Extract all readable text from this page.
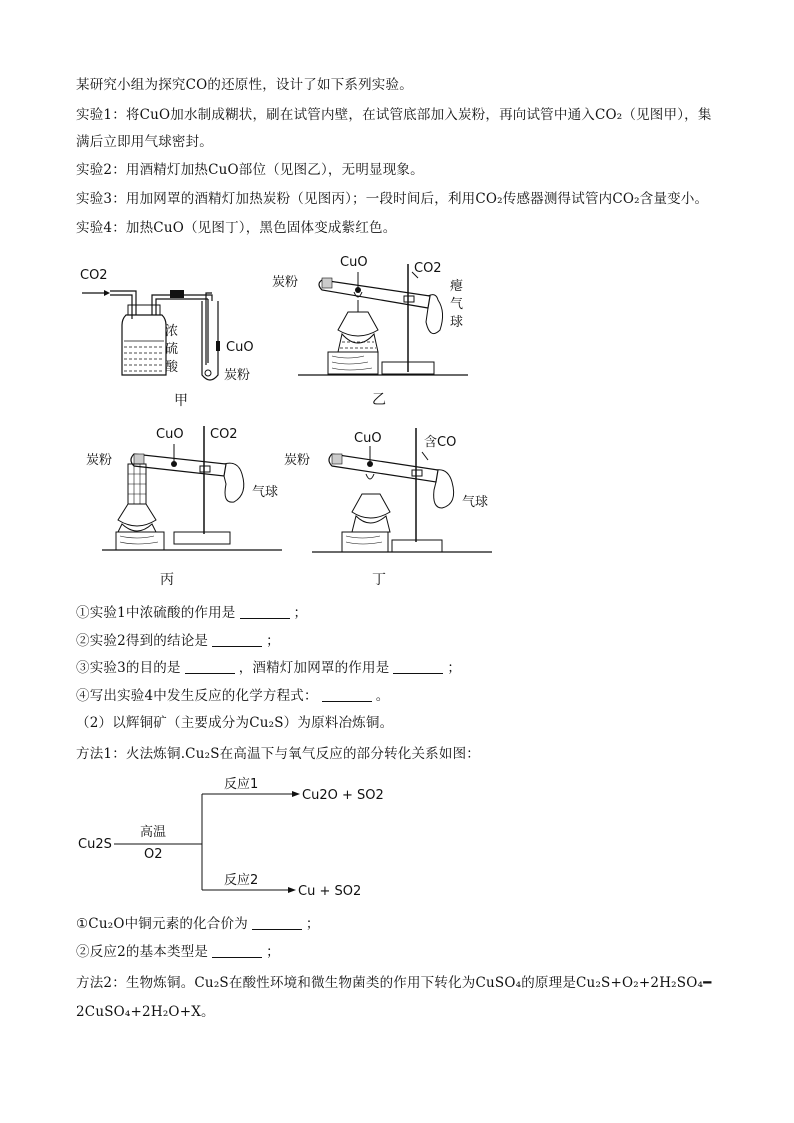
某研究小组为探究CO的还原性，设计了如下系列实验。
实验1：将CuO加水制成糊状，刷在试管内壁，在试管底部加入炭粉，再向试管中通入CO₂（见图甲），集
满后立即用气球密封。
实验2：用酒精灯加热CuO部位（见图乙），无明显现象。
实验3：用加网罩的酒精灯加热炭粉（见图丙）；一段时间后，利用CO₂传感器测得试管内CO₂含量变小。
实验4：加热CuO（见图丁），黑色固体变成紫红色。
CO2
浓
硫
酸
CuO
炭粉
甲
炭粉
CuO	CO2
瘪
气
球
乙
炭粉
CuO CO2
气球
丙
炭粉
CuO	含CO
气球
丁
①实验1中浓硫酸的作用是	；
②实验2得到的结论是	；
③实验3的目的是	，酒精灯加网罩的作用是	；
④写出实验4中发生反应的化学方程式：	。
（2）以辉铜矿（主要成分为Cu₂S）为原料冶炼铜。
方法1：火法炼铜.Cu₂S在高温下与氧气反应的部分转化关系如图：
Cu2S
高温
O2
反应1
Cu2O + SO2
反应2
Cu + SO2
①Cu₂O中铜元素的化合价为	；
②反应2的基本类型是	；
方法2：生物炼铜。Cu₂S在酸性环境和微生物菌类的作用下转化为CuSO₄的原理是Cu₂S+O₂+2H₂SO₄━
2CuSO₄+2H₂O+X。
